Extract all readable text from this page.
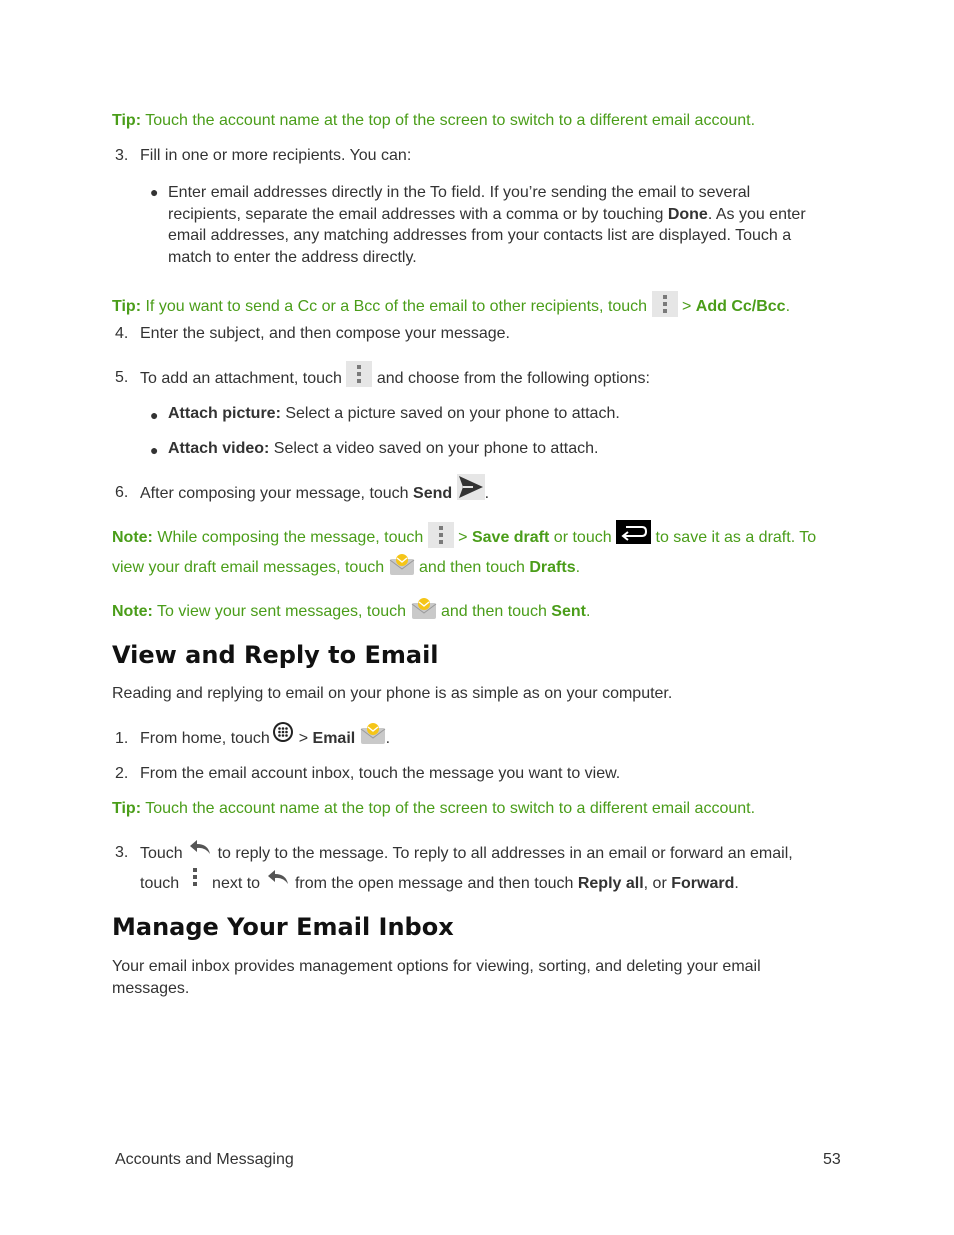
Tip: Touch the account name at the top of the screen to switch to a different email account.
3. Fill in one or more recipients. You can:
● Enter email addresses directly in the To field. If you’re sending the email to several
recipients, separate the email addresses with a comma or by touching Done. As you enter
email addresses, any matching addresses from your contacts list are displayed. Touch a
match to enter the address directly.
Tip: If you want to send a Cc or a Bcc of the email to other recipients, touch > Add Cc/Bcc.
4. Enter the subject, and then compose your message.
5. To add an attachment, touch and choose from the following options:
● Attach picture: Select a picture saved on your phone to attach.
● Attach video: Select a video saved on your phone to attach.
6. After composing your message, touch Send .
Note: While composing the message, touch > Save draft or touch	to save it as a draft. To
view your draft email messages, touch and then touch Drafts.
Note: To view your sent messages, touch and then touch Sent.
View and Reply to Email
Reading and replying to email on your phone is as simple as on your computer.
1. From home, touch > Email .
2. From the email account inbox, touch the message you want to view.
Tip: Touch the account name at the top of the screen to switch to a different email account.
3. Touch to reply to the message. To reply to all addresses in an email or forward an email,
touch next to from the open message and then touch Reply all, or Forward.
Manage Your Email Inbox
Your email inbox provides management options for viewing, sorting, and deleting your email
messages.
Accounts and Messaging	53
